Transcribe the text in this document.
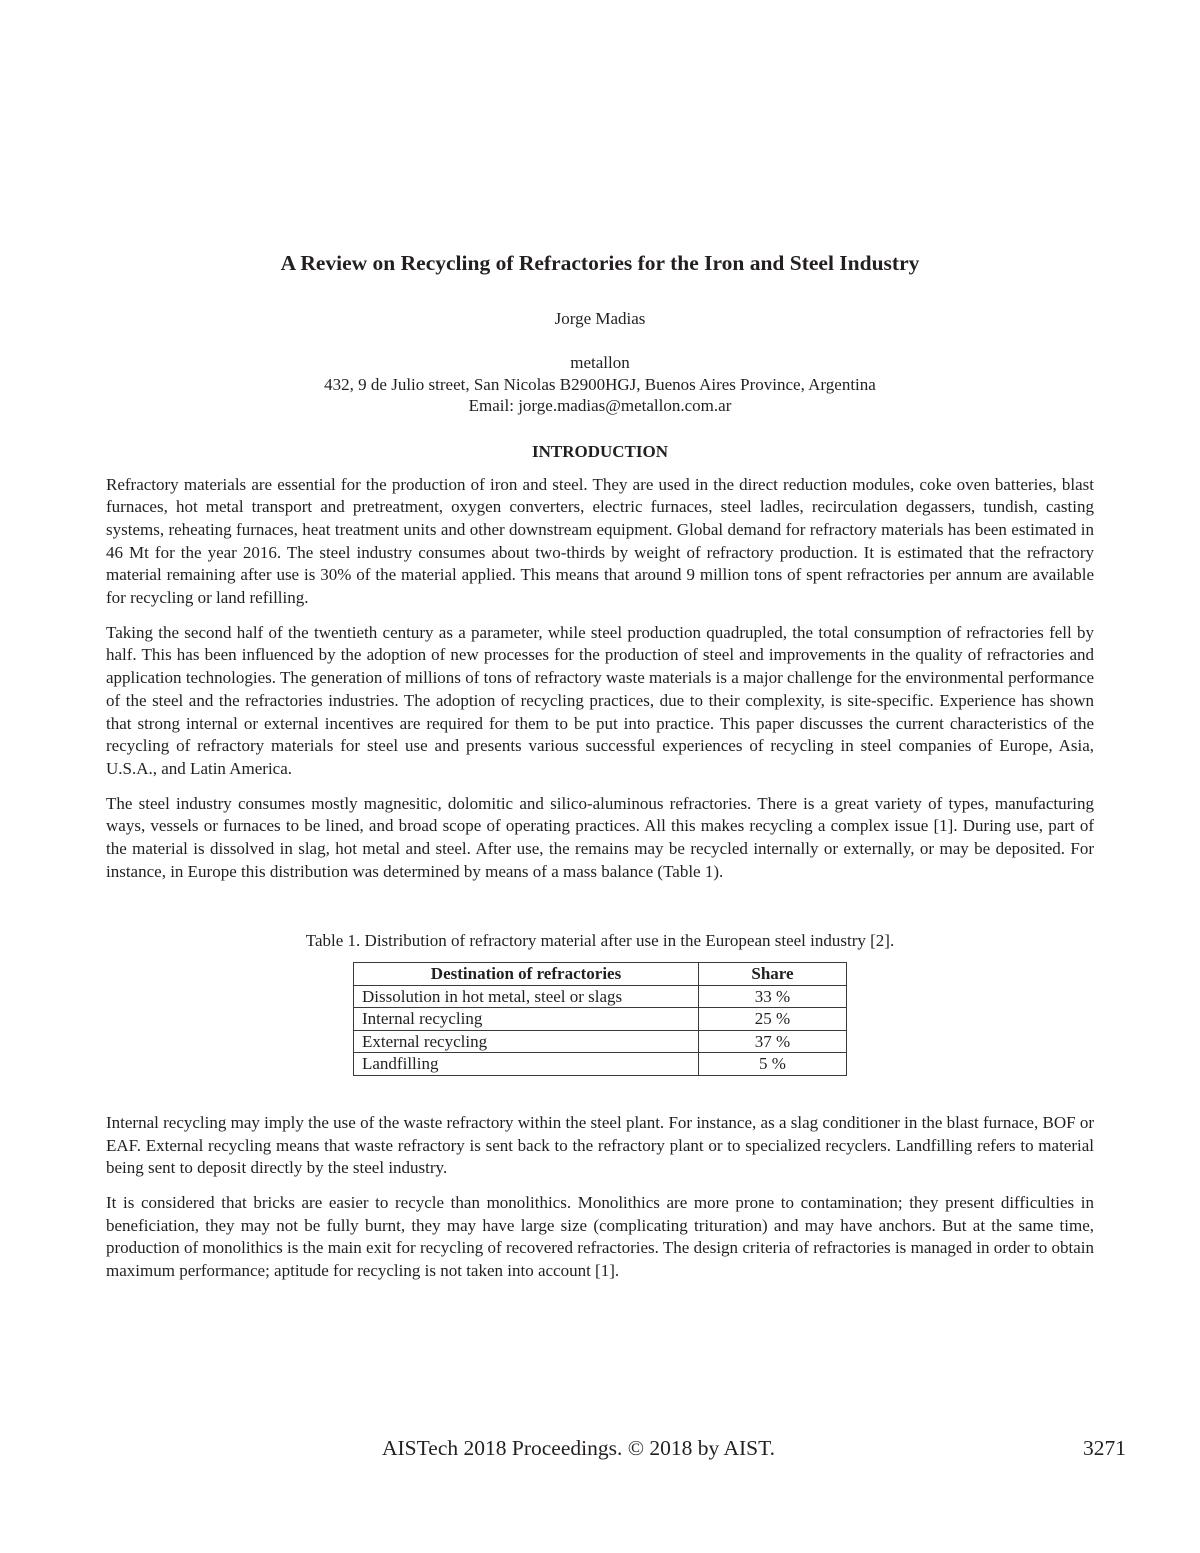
A Review on Recycling of Refractories for the Iron and Steel Industry
Jorge Madias
metallon
432, 9 de Julio street, San Nicolas B2900HGJ, Buenos Aires Province, Argentina
Email: jorge.madias@metallon.com.ar
INTRODUCTION

Refractory materials are essential for the production of iron and steel. They are used in the direct reduction modules, coke oven batteries, blast furnaces, hot metal transport and pretreatment, oxygen converters, electric furnaces, steel ladles, recirculation degassers, tundish, casting systems, reheating furnaces, heat treatment units and other downstream equipment. Global demand for refractory materials has been estimated in 46 Mt for the year 2016. The steel industry consumes about two-thirds by weight of refractory production. It is estimated that the refractory material remaining after use is 30% of the material applied. This means that around 9 million tons of spent refractories per annum are available for recycling or land refilling.

Taking the second half of the twentieth century as a parameter, while steel production quadrupled, the total consumption of refractories fell by half. This has been influenced by the adoption of new processes for the production of steel and improvements in the quality of refractories and application technologies. The generation of millions of tons of refractory waste materials is a major challenge for the environmental performance of the steel and the refractories industries. The adoption of recycling practices, due to their complexity, is site-specific. Experience has shown that strong internal or external incentives are required for them to be put into practice. This paper discusses the current characteristics of the recycling of refractory materials for steel use and presents various successful experiences of recycling in steel companies of Europe, Asia, U.S.A., and Latin America.

The steel industry consumes mostly magnesitic, dolomitic and silico-aluminous refractories. There is a great variety of types, manufacturing ways, vessels or furnaces to be lined, and broad scope of operating practices. All this makes recycling a complex issue [1]. During use, part of the material is dissolved in slag, hot metal and steel. After use, the remains may be recycled internally or externally, or may be deposited. For instance, in Europe this distribution was determined by means of a mass balance (Table 1).

Table 1. Distribution of refractory material after use in the European steel industry [2].
Destination of refractories	Share
Dissolution in hot metal, steel or slags	33 %
Internal recycling	25 %
External recycling	37 %
Landfilling	5 %

Internal recycling may imply the use of the waste refractory within the steel plant. For instance, as a slag conditioner in the blast furnace, BOF or EAF. External recycling means that waste refractory is sent back to the refractory plant or to specialized recyclers. Landfilling refers to material being sent to deposit directly by the steel industry.

It is considered that bricks are easier to recycle than monolithics. Monolithics are more prone to contamination; they present difficulties in beneficiation, they may not be fully burnt, they may have large size (complicating trituration) and may have anchors. But at the same time, production of monolithics is the main exit for recycling of recovered refractories. The design criteria of refractories is managed in order to obtain maximum performance; aptitude for recycling is not taken into account [1].

AISTech 2018 Proceedings. © 2018 by AIST.	3271
